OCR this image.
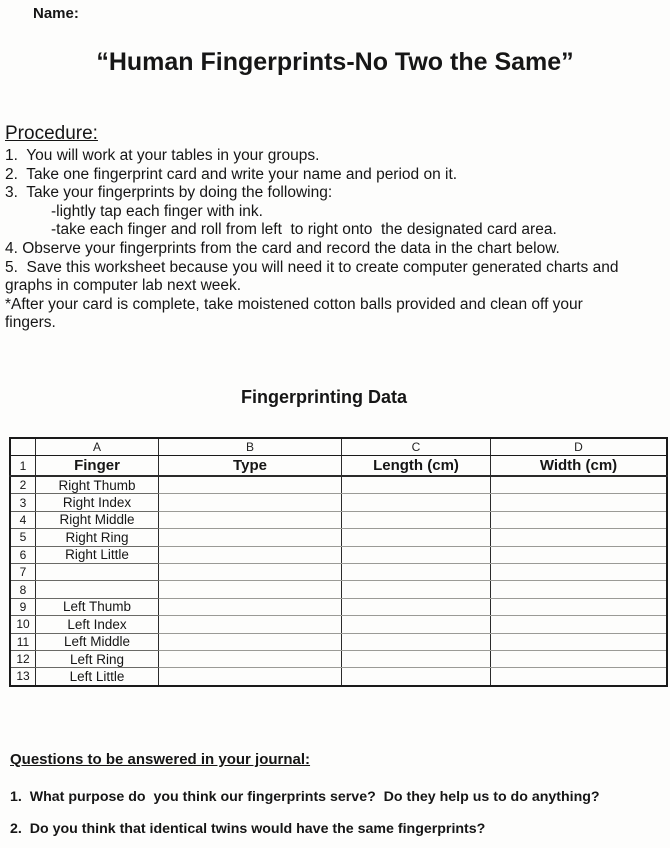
Name:
“Human Fingerprints-No Two the Same”
Procedure:
1.  You will work at your tables in your groups.
2.  Take one fingerprint card and write your name and period on it.
3.  Take your fingerprints by doing the following:
-lightly tap each finger with ink.
-take each finger and roll from left  to right onto  the designated card area.
4. Observe your fingerprints from the card and record the data in the chart below.
5.  Save this worksheet because you will need it to create computer generated charts and
graphs in computer lab next week.
*After your card is complete, take moistened cotton balls provided and clean off your
fingers.
Fingerprinting Data
	A	B	C	D
1	Finger	Type	Length (cm)	Width (cm)
2	Right Thumb			
3	Right Index			
4	Right Middle			
5	Right Ring			
6	Right Little			
7				
8				
9	Left Thumb			
10	Left Index			
11	Left Middle			
12	Left Ring			
13	Left Little			
Questions to be answered in your journal:
1.  What purpose do  you think our fingerprints serve?  Do they help us to do anything?
2.  Do you think that identical twins would have the same fingerprints?
